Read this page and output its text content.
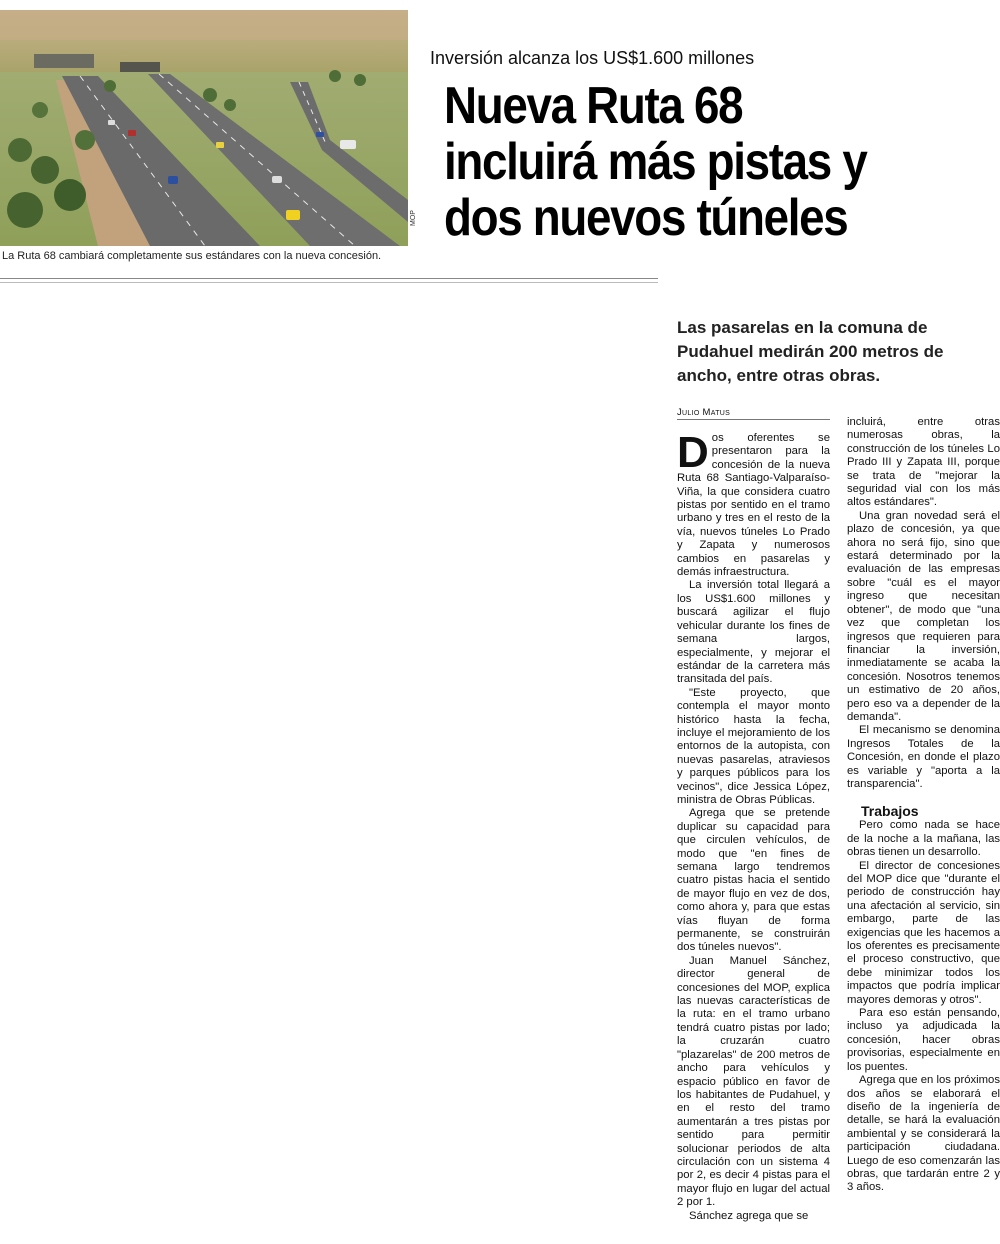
MOP
La Ruta 68 cambiará completamente sus estándares con la nueva concesión.
Inversión alcanza los US$1.600 millones
Nueva Ruta 68
incluirá más pistas y
dos nuevos túneles
Las pasarelas en la comuna de Pudahuel medirán 200 metros de ancho, entre otras obras.
Julio Matus

Dos oferentes se presentaron para la concesión de la nueva Ruta 68 Santiago-Valparaíso-Viña, la que considera cuatro pistas por sentido en el tramo urbano y tres en el resto de la vía, nuevos túneles Lo Prado y Zapata y numerosos cambios en pasarelas y demás infraestructura.

La inversión total llegará a los US$1.600 millones y buscará agilizar el flujo vehicular durante los fines de semana largos, especialmente, y mejorar el estándar de la carretera más transitada del país.

"Este proyecto, que contempla el mayor monto histórico hasta la fecha, incluye el mejoramiento de los entornos de la autopista, con nuevas pasarelas, atraviesos y parques públicos para los vecinos", dice Jessica López, ministra de Obras Públicas.

Agrega que se pretende duplicar su capacidad para que circulen vehículos, de modo que "en fines de semana largo tendremos cuatro pistas hacia el sentido de mayor flujo en vez de dos, como ahora y, para que estas vías fluyan de forma permanente, se construirán dos túneles nuevos".

Juan Manuel Sánchez, director general de concesiones del MOP, explica las nuevas características de la ruta: en el tramo urbano tendrá cuatro pistas por lado; la cruzarán cuatro "plazarelas" de 200 metros de ancho para vehículos y espacio público en favor de los habitantes de Pudahuel, y en el resto del tramo aumentarán a tres pistas por sentido para permitir solucionar periodos de alta circulación con un sistema 4 por 2, es decir 4 pistas para el mayor flujo en lugar del actual 2 por 1.

Sánchez agrega que se

incluirá, entre otras numerosas obras, la construcción de los túneles Lo Prado III y Zapata III, porque se trata de "mejorar la seguridad vial con los más altos estándares".

Una gran novedad será el plazo de concesión, ya que ahora no será fijo, sino que estará determinado por la evaluación de las empresas sobre "cuál es el mayor ingreso que necesitan obtener", de modo que "una vez que completan los ingresos que requieren para financiar la inversión, inmediatamente se acaba la concesión. Nosotros tenemos un estimativo de 20 años, pero eso va a depender de la demanda".

El mecanismo se denomina Ingresos Totales de la Concesión, en donde el plazo es variable y "aporta a la transparencia".

Trabajos

Pero como nada se hace de la noche a la mañana, las obras tienen un desarrollo.

El director de concesiones del MOP dice que "durante el periodo de construcción hay una afectación al servicio, sin embargo, parte de las exigencias que les hacemos a los oferentes es precisamente el proceso constructivo, que debe minimizar todos los impactos que podría implicar mayores demoras y otros".

Para eso están pensando, incluso ya adjudicada la concesión, hacer obras provisorias, especialmente en los puentes.

Agrega que en los próximos dos años se elaborará el diseño de la ingeniería de detalle, se hará la evaluación ambiental y se considerará la participación ciudadana. Luego de eso comenzarán las obras, que tardarán entre 2 y 3 años.
